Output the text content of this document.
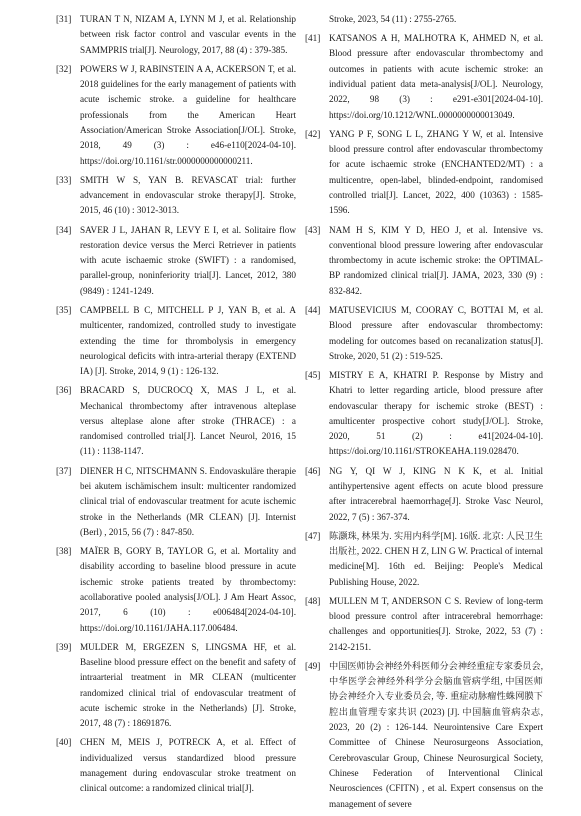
[31] TURAN T N, NIZAM A, LYNN M J, et al. Relationship between risk factor control and vascular events in the SAMMPRIS trial[J]. Neurology, 2017, 88 (4) : 379-385.
[32] POWERS W J, RABINSTEIN A A, ACKERSON T, et al. 2018 guidelines for the early management of patients with acute ischemic stroke. a guideline for healthcare professionals from the American Heart Association/American Stroke Association[J/OL]. Stroke, 2018, 49 (3) : e46-e110[2024-04-10]. https://doi.org/10.1161/str.0000000000000211.
[33] SMITH W S, YAN B. REVASCAT trial: further advancement in endovascular stroke therapy[J]. Stroke, 2015, 46 (10) : 3012-3013.
[34] SAVER J L, JAHAN R, LEVY E I, et al. Solitaire flow restoration device versus the Merci Retriever in patients with acute ischaemic stroke (SWIFT) : a randomised, parallel-group, noninferiority trial[J]. Lancet, 2012, 380 (9849) : 1241-1249.
[35] CAMPBELL B C, MITCHELL P J, YAN B, et al. A multicenter, randomized, controlled study to investigate extending the time for thrombolysis in emergency neurological deficits with intra-arterial therapy (EXTEND IA) [J]. Stroke, 2014, 9 (1) : 126-132.
[36] BRACARD S, DUCROCQ X, MAS J L, et al. Mechanical thrombectomy after intravenous alteplase versus alteplase alone after stroke (THRACE) : a randomised controlled trial[J]. Lancet Neurol, 2016, 15 (11) : 1138-1147.
[37] DIENER H C, NITSCHMANN S. Endovaskuläre therapie bei akutem ischämischem insult: multicenter randomized clinical trial of endovascular treatment for acute ischemic stroke in the Netherlands (MR CLEAN) [J]. Internist (Berl) , 2015, 56 (7) : 847-850.
[38] MAÏER B, GORY B, TAYLOR G, et al. Mortality and disability according to baseline blood pressure in acute ischemic stroke patients treated by thrombectomy: acollaborative pooled analysis[J/OL]. J Am Heart Assoc, 2017, 6 (10) : e006484[2024-04-10]. https://doi.org/10.1161/JAHA.117.006484.
[39] MULDER M, ERGEZEN S, LINGSMA HF, et al. Baseline blood pressure effect on the benefit and safety of intraarterial treatment in MR CLEAN (multicenter randomized clinical trial of endovascular treatment of acute ischemic stroke in the Netherlands) [J]. Stroke, 2017, 48 (7) : 18691876.
[40] CHEN M, MEIS J, POTRECK A, et al. Effect of individualized versus standardized blood pressure management during endovascular stroke treatment on clinical outcome: a randomized clinical trial[J].
Stroke, 2023, 54 (11) : 2755-2765.
[41] KATSANOS A H, MALHOTRA K, AHMED N, et al. Blood pressure after endovascular thrombectomy and outcomes in patients with acute ischemic stroke: an individual patient data meta-analysis[J/OL]. Neurology, 2022, 98 (3) : e291-e301[2024-04-10]. https://doi.org/10.1212/WNL.0000000000013049.
[42] YANG P F, SONG L L, ZHANG Y W, et al. Intensive blood pressure control after endovascular thrombectomy for acute ischaemic stroke (ENCHANTED2/MT) : a multicentre, open-label, blinded-endpoint, randomised controlled trial[J]. Lancet, 2022, 400 (10363) : 1585-1596.
[43] NAM H S, KIM Y D, HEO J, et al. Intensive vs. conventional blood pressure lowering after endovascular thrombectomy in acute ischemic stroke: the OPTIMAL-BP randomized clinical trial[J]. JAMA, 2023, 330 (9) : 832-842.
[44] MATUSEVICIUS M, COORAY C, BOTTAI M, et al. Blood pressure after endovascular thrombectomy: modeling for outcomes based on recanalization status[J]. Stroke, 2020, 51 (2) : 519-525.
[45] MISTRY E A, KHATRI P. Response by Mistry and Khatri to letter regarding article, blood pressure after endovascular therapy for ischemic stroke (BEST) : amulticenter prospective cohort study[J/OL]. Stroke, 2020, 51 (2) : e41[2024-04-10]. https://doi.org/10.1161/STROKEAHA.119.028470.
[46] NG Y, QI W J, KING N K K, et al. Initial antihypertensive agent effects on acute blood pressure after intracerebral haemorrhage[J]. Stroke Vasc Neurol, 2022, 7 (5) : 367-374.
[47] 陈灏珠, 林果为. 实用内科学[M]. 16版. 北京: 人民卫生出版社, 2022. CHEN H Z, LIN G W. Practical of internal medicine[M]. 16th ed. Beijing: People's Medical Publishing House, 2022.
[48] MULLEN M T, ANDERSON C S. Review of long-term blood pressure control after intracerebral hemorrhage: challenges and opportunities[J]. Stroke, 2022, 53 (7) : 2142-2151.
[49] 中国医师协会神经外科医师分会神经重症专家委员会, 中华医学会神经外科学分会脑血管病学组, 中国医师协会神经介入专业委员会, 等. 重症动脉瘤性蛛网膜下腔出血管理专家共识 (2023) [J]. 中国脑血管病杂志, 2023, 20 (2) : 126-144. Neurointensive Care Expert Committee of Chinese Neurosurgeons Association, Cerebrovascular Group, Chinese Neurosurgical Society, Chinese Federation of Interventional Clinical Neurosciences (CFITN) , et al. Expert consensus on the management of severe
